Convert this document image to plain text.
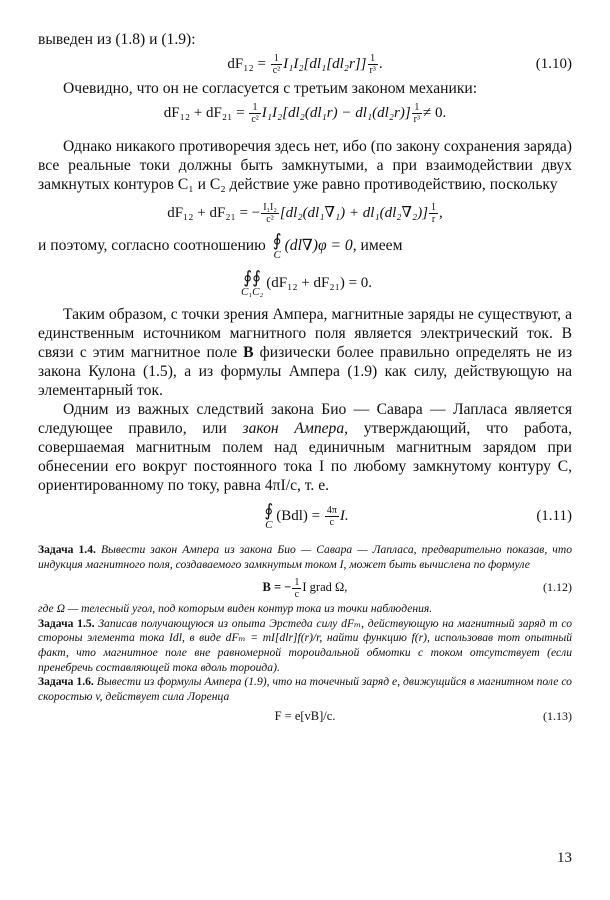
выведен из (1.8) и (1.9):

$dF_{12} = \frac{1}{\text{c²}} I_1I_2[dl_1[dl_2r]] \frac{1}{\text{r³}}$ .	(1.10)

Очевидно, что он не согласуется с третьим законом механики:

$dF_{12} + dF_{21} = \frac{1}{\text{c²}} I_1I_2[dl_2(dl_1r) - dl_1(dl_2r)] \frac{1}{\text{r³}} \ne 0$.

Однако никакого противоречия здесь нет, ибо (по закону сохранения заряда) все реальные токи должны быть замкнутыми, а при взаимодействии двух замкнутых контуров C₁ и C₂ действие уже равно противодействию, поскольку

dF₁₂ + dF₂₁ = − $\frac{\text{I₁I₂}}{\text{c²}} [dl_2(dl_1\nabla_1) + dl_1(dl_2\nabla_2)] \frac{1}{r}$ ,

и поэтому, согласно соотношению ∮
C
(dl∇)φ = 0, имеем

∮∮
C₁C₂
(dF₁₂ + dF₂₁) = 0.

Таким образом, с точки зрения Ампера, магнитные заряды не существуют, а единственным источником магнитного поля является электрический ток. В связи с этим магнитное поле B физически более правильно определять не из закона Кулона (1.5), а из формулы Ампера (1.9) как силу, действующую на элементарный ток.

Одним из важных следствий закона Био — Савара — Лапласа является следующее правило, или закон Ампера, утверждающий, что работа, совершаемая магнитным полем над единичным магнитным зарядом при обнесении его вокруг постоянного тока I по любому замкнутому контуру C, ориентированному по току, равна 4πI/c, т. е.

∮
C
$(Bdl) = \frac{4\pi}{c} I$.	(1.11)

Задача 1.4. Вывести закон Ампера из закона Био — Савара — Лапласа, предварительно показав, что индукция магнитного поля, создаваемого замкнутым током I, может быть вычислена по формуле

B = − $\frac{1}{c}$ I grad Ω,	(1.12)

где Ω — телесный угол, под которым виден контур тока из точки наблюдения.

Задача 1.5. Записав получающуюся из опыта Эрстеда силу dFₘ, действующую на магнитный заряд m со стороны элемента тока Idl, в виде dFₘ = mI[dlr]f(r)/r, найти функцию f(r), использовав тот опытный факт, что магнитное поле вне равномерной тороидальной обмотки с током отсутствует (если пренебречь составляющей тока вдоль тороида).

Задача 1.6. Вывести из формулы Ампера (1.9), что на точечный заряд e, движущийся в магнитном поле со скоростью v, действует сила Лоренца

F = e[vB]/c.	(1.13)
13
